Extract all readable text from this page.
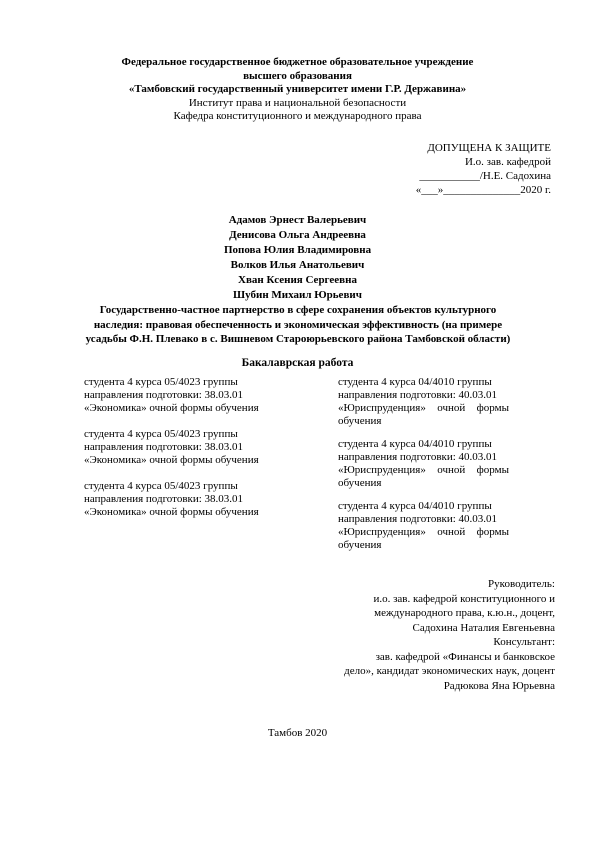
Федеральное государственное бюджетное образовательное учреждение
высшего образования
«Тамбовский государственный университет имени Г.Р. Державина»
Институт права и национальной безопасности
Кафедра конституционного и международного права
ДОПУЩЕНА К ЗАЩИТЕ
И.о. зав. кафедрой
___________/Н.Е. Садохина
«___»______________2020 г.
Адамов Эрнест Валерьевич
Денисова Ольга Андреевна
Попова Юлия Владимировна
Волков Илья Анатольевич
Хван Ксения Сергеевна
Шубин Михаил Юрьевич
Государственно-частное партнерство в сфере сохранения объектов культурного
наследия: правовая обеспеченность и экономическая эффективность (на примере
усадьбы Ф.Н. Плевако в с. Вишневом Староюрьевского района Тамбовской области)
Бакалаврская работа
студента 4 курса 05/4023 группы
направления подготовки: 38.03.01
«Экономика» очной формы обучения
студента 4 курса 05/4023 группы
направления подготовки: 38.03.01
«Экономика» очной формы обучения
студента 4 курса 05/4023 группы
направления подготовки: 38.03.01
«Экономика» очной формы обучения
студента 4 курса 04/4010 группы
направления подготовки: 40.03.01
«Юриспруденция» очной формы
обучения
студента 4 курса 04/4010 группы
направления подготовки: 40.03.01
«Юриспруденция» очной формы
обучения
студента 4 курса 04/4010 группы
направления подготовки: 40.03.01
«Юриспруденция» очной формы
обучения
Руководитель:
и.о. зав. кафедрой конституционного и
международного права, к.ю.н., доцент,
Садохина Наталия Евгеньевна
Консультант:
зав. кафедрой «Финансы и банковское
дело», кандидат экономических наук, доцент
Радюкова Яна Юрьевна
Тамбов 2020
